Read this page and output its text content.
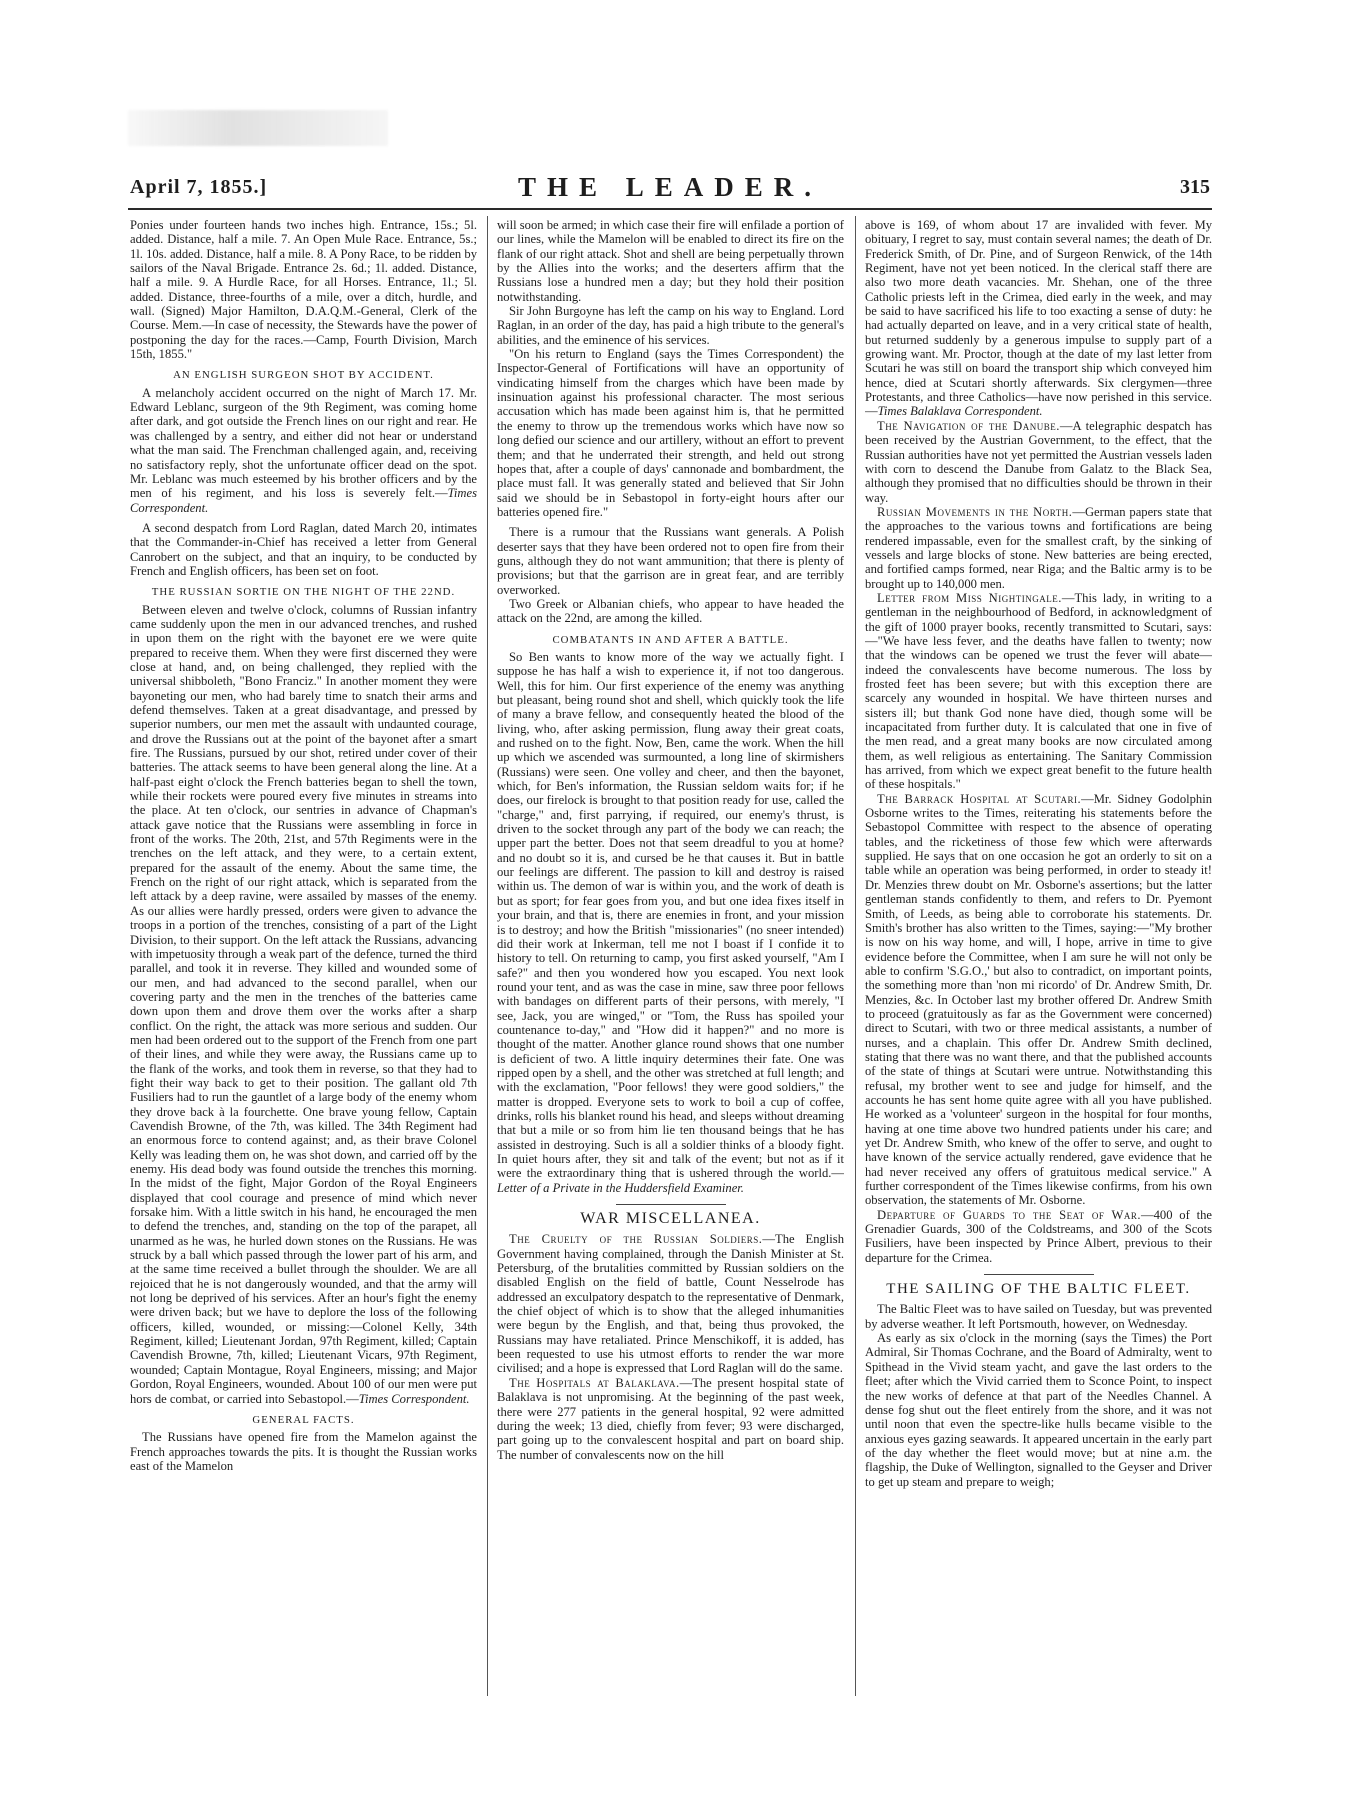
April 7, 1855.]	THE LEADER.	315

Ponies under fourteen hands two inches high. Entrance, 15s.; 5l. added. Distance, half a mile. 7. An Open Mule Race. Entrance, 5s.; 1l. 10s. added. Distance, half a mile. 8. A Pony Race, to be ridden by sailors of the Naval Brigade. Entrance 2s. 6d.; 1l. added. Distance, half a mile. 9. A Hurdle Race, for all Horses. Entrance, 1l.; 5l. added. Distance, three-fourths of a mile, over a ditch, hurdle, and wall. (Signed) Major Hamilton, D.A.Q.M.-General, Clerk of the Course. Mem.—In case of necessity, the Stewards have the power of postponing the day for the races.—Camp, Fourth Division, March 15th, 1855."

AN ENGLISH SURGEON SHOT BY ACCIDENT.

A melancholy accident occurred on the night of March 17. Mr. Edward Leblanc, surgeon of the 9th Regiment, was coming home after dark, and got outside the French lines on our right and rear. He was challenged by a sentry, and either did not hear or understand what the man said. The Frenchman challenged again, and, receiving no satisfactory reply, shot the unfortunate officer dead on the spot. Mr. Leblanc was much esteemed by his brother officers and by the men of his regiment, and his loss is severely felt.—Times Correspondent.

A second despatch from Lord Raglan, dated March 20, intimates that the Commander-in-Chief has received a letter from General Canrobert on the subject, and that an inquiry, to be conducted by French and English officers, has been set on foot.

THE RUSSIAN SORTIE ON THE NIGHT OF THE 22ND.

Between eleven and twelve o'clock, columns of Russian infantry came suddenly upon the men in our advanced trenches, and rushed in upon them on the right with the bayonet ere we were quite prepared to receive them. When they were first discerned they were close at hand, and, on being challenged, they replied with the universal shibboleth, "Bono Franciz." In another moment they were bayoneting our men, who had barely time to snatch their arms and defend themselves. Taken at a great disadvantage, and pressed by superior numbers, our men met the assault with undaunted courage, and drove the Russians out at the point of the bayonet after a smart fire. The Russians, pursued by our shot, retired under cover of their batteries. The attack seems to have been general along the line. At a half-past eight o'clock the French batteries began to shell the town, while their rockets were poured every five minutes in streams into the place. At ten o'clock, our sentries in advance of Chapman's attack gave notice that the Russians were assembling in force in front of the works. The 20th, 21st, and 57th Regiments were in the trenches on the left attack, and they were, to a certain extent, prepared for the assault of the enemy. About the same time, the French on the right of our right attack, which is separated from the left attack by a deep ravine, were assailed by masses of the enemy. As our allies were hardly pressed, orders were given to advance the troops in a portion of the trenches, consisting of a part of the Light Division, to their support. On the left attack the Russians, advancing with impetuosity through a weak part of the defence, turned the third parallel, and took it in reverse. They killed and wounded some of our men, and had advanced to the second parallel, when our covering party and the men in the trenches of the batteries came down upon them and drove them over the works after a sharp conflict. On the right, the attack was more serious and sudden. Our men had been ordered out to the support of the French from one part of their lines, and while they were away, the Russians came up to the flank of the works, and took them in reverse, so that they had to fight their way back to get to their position. The gallant old 7th Fusiliers had to run the gauntlet of a large body of the enemy whom they drove back à la fourchette. One brave young fellow, Captain Cavendish Browne, of the 7th, was killed. The 34th Regiment had an enormous force to contend against; and, as their brave Colonel Kelly was leading them on, he was shot down, and carried off by the enemy. His dead body was found outside the trenches this morning. In the midst of the fight, Major Gordon of the Royal Engineers displayed that cool courage and presence of mind which never forsake him. With a little switch in his hand, he encouraged the men to defend the trenches, and, standing on the top of the parapet, all unarmed as he was, he hurled down stones on the Russians. He was struck by a ball which passed through the lower part of his arm, and at the same time received a bullet through the shoulder. We are all rejoiced that he is not dangerously wounded, and that the army will not long be deprived of his services. After an hour's fight the enemy were driven back; but we have to deplore the loss of the following officers, killed, wounded, or missing:—Colonel Kelly, 34th Regiment, killed; Lieutenant Jordan, 97th Regiment, killed; Captain Cavendish Browne, 7th, killed; Lieutenant Vicars, 97th Regiment, wounded; Captain Montague, Royal Engineers, missing; and Major Gordon, Royal Engineers, wounded. About 100 of our men were put hors de combat, or carried into Sebastopol.—Times Correspondent.

GENERAL FACTS.

The Russians have opened fire from the Mamelon against the French approaches towards the pits. It is thought the Russian works east of the Mamelon

will soon be armed; in which case their fire will enfilade a portion of our lines, while the Mamelon will be enabled to direct its fire on the flank of our right attack. Shot and shell are being perpetually thrown by the Allies into the works; and the deserters affirm that the Russians lose a hundred men a day; but they hold their position notwithstanding.

Sir John Burgoyne has left the camp on his way to England. Lord Raglan, in an order of the day, has paid a high tribute to the general's abilities, and the eminence of his services.

"On his return to England (says the Times Correspondent) the Inspector-General of Fortifications will have an opportunity of vindicating himself from the charges which have been made by insinuation against his professional character. The most serious accusation which has made been against him is, that he permitted the enemy to throw up the tremendous works which have now so long defied our science and our artillery, without an effort to prevent them; and that he underrated their strength, and held out strong hopes that, after a couple of days' cannonade and bombardment, the place must fall. It was generally stated and believed that Sir John said we should be in Sebastopol in forty-eight hours after our batteries opened fire."

There is a rumour that the Russians want generals. A Polish deserter says that they have been ordered not to open fire from their guns, although they do not want ammunition; that there is plenty of provisions; but that the garrison are in great fear, and are terribly overworked.

Two Greek or Albanian chiefs, who appear to have headed the attack on the 22nd, are among the killed.

COMBATANTS IN AND AFTER A BATTLE.

So Ben wants to know more of the way we actually fight. I suppose he has half a wish to experience it, if not too dangerous. Well, this for him. Our first experience of the enemy was anything but pleasant, being round shot and shell, which quickly took the life of many a brave fellow, and consequently heated the blood of the living, who, after asking permission, flung away their great coats, and rushed on to the fight. Now, Ben, came the work. When the hill up which we ascended was surmounted, a long line of skirmishers (Russians) were seen. One volley and cheer, and then the bayonet, which, for Ben's information, the Russian seldom waits for; if he does, our firelock is brought to that position ready for use, called the "charge," and, first parrying, if required, our enemy's thrust, is driven to the socket through any part of the body we can reach; the upper part the better. Does not that seem dreadful to you at home? and no doubt so it is, and cursed be he that causes it. But in battle our feelings are different. The passion to kill and destroy is raised within us. The demon of war is within you, and the work of death is but as sport; for fear goes from you, and but one idea fixes itself in your brain, and that is, there are enemies in front, and your mission is to destroy; and how the British "missionaries" (no sneer intended) did their work at Inkerman, tell me not I boast if I confide it to history to tell. On returning to camp, you first asked yourself, "Am I safe?" and then you wondered how you escaped. You next look round your tent, and as was the case in mine, saw three poor fellows with bandages on different parts of their persons, with merely, "I see, Jack, you are winged," or "Tom, the Russ has spoiled your countenance to-day," and "How did it happen?" and no more is thought of the matter. Another glance round shows that one number is deficient of two. A little inquiry determines their fate. One was ripped open by a shell, and the other was stretched at full length; and with the exclamation, "Poor fellows! they were good soldiers," the matter is dropped. Everyone sets to work to boil a cup of coffee, drinks, rolls his blanket round his head, and sleeps without dreaming that but a mile or so from him lie ten thousand beings that he has assisted in destroying. Such is all a soldier thinks of a bloody fight. In quiet hours after, they sit and talk of the event; but not as if it were the extraordinary thing that is ushered through the world.—Letter of a Private in the Huddersfield Examiner.

WAR MISCELLANEA.

The Cruelty of the Russian Soldiers.—The English Government having complained, through the Danish Minister at St. Petersburg, of the brutalities committed by Russian soldiers on the disabled English on the field of battle, Count Nesselrode has addressed an exculpatory despatch to the representative of Denmark, the chief object of which is to show that the alleged inhumanities were begun by the English, and that, being thus provoked, the Russians may have retaliated. Prince Menschikoff, it is added, has been requested to use his utmost efforts to render the war more civilised; and a hope is expressed that Lord Raglan will do the same.

The Hospitals at Balaklava.—The present hospital state of Balaklava is not unpromising. At the beginning of the past week, there were 277 patients in the general hospital, 92 were admitted during the week; 13 died, chiefly from fever; 93 were discharged, part going up to the convalescent hospital and part on board ship. The number of convalescents now on the hill

above is 169, of whom about 17 are invalided with fever. My obituary, I regret to say, must contain several names; the death of Dr. Frederick Smith, of Dr. Pine, and of Surgeon Renwick, of the 14th Regiment, have not yet been noticed. In the clerical staff there are also two more death vacancies. Mr. Shehan, one of the three Catholic priests left in the Crimea, died early in the week, and may be said to have sacrificed his life to too exacting a sense of duty: he had actually departed on leave, and in a very critical state of health, but returned suddenly by a generous impulse to supply part of a growing want. Mr. Proctor, though at the date of my last letter from Scutari he was still on board the transport ship which conveyed him hence, died at Scutari shortly afterwards. Six clergymen—three Protestants, and three Catholics—have now perished in this service.—Times Balaklava Correspondent.

The Navigation of the Danube.—A telegraphic despatch has been received by the Austrian Government, to the effect, that the Russian authorities have not yet permitted the Austrian vessels laden with corn to descend the Danube from Galatz to the Black Sea, although they promised that no difficulties should be thrown in their way.

Russian Movements in the North.—German papers state that the approaches to the various towns and fortifications are being rendered impassable, even for the smallest craft, by the sinking of vessels and large blocks of stone. New batteries are being erected, and fortified camps formed, near Riga; and the Baltic army is to be brought up to 140,000 men.

Letter from Miss Nightingale.—This lady, in writing to a gentleman in the neighbourhood of Bedford, in acknowledgment of the gift of 1000 prayer books, recently transmitted to Scutari, says:—"We have less fever, and the deaths have fallen to twenty; now that the windows can be opened we trust the fever will abate—indeed the convalescents have become numerous. The loss by frosted feet has been severe; but with this exception there are scarcely any wounded in hospital. We have thirteen nurses and sisters ill; but thank God none have died, though some will be incapacitated from further duty. It is calculated that one in five of the men read, and a great many books are now circulated among them, as well religious as entertaining. The Sanitary Commission has arrived, from which we expect great benefit to the future health of these hospitals."

The Barrack Hospital at Scutari.—Mr. Sidney Godolphin Osborne writes to the Times, reiterating his statements before the Sebastopol Committee with respect to the absence of operating tables, and the ricketiness of those few which were afterwards supplied. He says that on one occasion he got an orderly to sit on a table while an operation was being performed, in order to steady it! Dr. Menzies threw doubt on Mr. Osborne's assertions; but the latter gentleman stands confidently to them, and refers to Dr. Pyemont Smith, of Leeds, as being able to corroborate his statements. Dr. Smith's brother has also written to the Times, saying:—"My brother is now on his way home, and will, I hope, arrive in time to give evidence before the Committee, when I am sure he will not only be able to confirm 'S.G.O.,' but also to contradict, on important points, the something more than 'non mi ricordo' of Dr. Andrew Smith, Dr. Menzies, &c. In October last my brother offered Dr. Andrew Smith to proceed (gratuitously as far as the Government were concerned) direct to Scutari, with two or three medical assistants, a number of nurses, and a chaplain. This offer Dr. Andrew Smith declined, stating that there was no want there, and that the published accounts of the state of things at Scutari were untrue. Notwithstanding this refusal, my brother went to see and judge for himself, and the accounts he has sent home quite agree with all you have published. He worked as a 'volunteer' surgeon in the hospital for four months, having at one time above two hundred patients under his care; and yet Dr. Andrew Smith, who knew of the offer to serve, and ought to have known of the service actually rendered, gave evidence that he had never received any offers of gratuitous medical service." A further correspondent of the Times likewise confirms, from his own observation, the statements of Mr. Osborne.

Departure of Guards to the Seat of War.—400 of the Grenadier Guards, 300 of the Coldstreams, and 300 of the Scots Fusiliers, have been inspected by Prince Albert, previous to their departure for the Crimea.

THE SAILING OF THE BALTIC FLEET.

The Baltic Fleet was to have sailed on Tuesday, but was prevented by adverse weather. It left Portsmouth, however, on Wednesday.

As early as six o'clock in the morning (says the Times) the Port Admiral, Sir Thomas Cochrane, and the Board of Admiralty, went to Spithead in the Vivid steam yacht, and gave the last orders to the fleet; after which the Vivid carried them to Sconce Point, to inspect the new works of defence at that part of the Needles Channel. A dense fog shut out the fleet entirely from the shore, and it was not until noon that even the spectre-like hulls became visible to the anxious eyes gazing seawards. It appeared uncertain in the early part of the day whether the fleet would move; but at nine a.m. the flagship, the Duke of Wellington, signalled to the Geyser and Driver to get up steam and prepare to weigh;
